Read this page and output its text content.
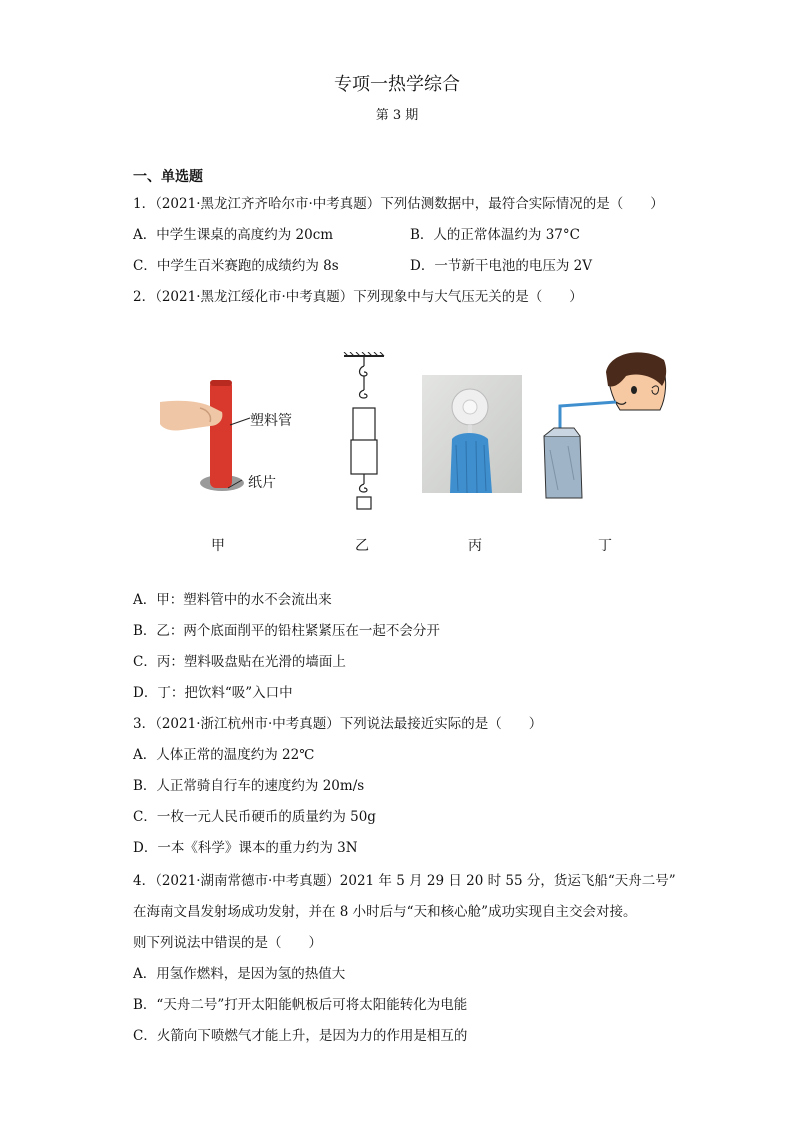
专项一热学综合
第 3 期
一、单选题
1．（2021·黑龙江齐齐哈尔市·中考真题）下列估测数据中，最符合实际情况的是（　　）
A．中学生课桌的高度约为 20cm	B．人的正常体温约为 37°C
C．中学生百米赛跑的成绩约为 8s	D．一节新干电池的电压为 2V
2．（2021·黑龙江绥化市·中考真题）下列现象中与大气压无关的是（　　）
塑料管
纸片
甲	乙	丙	丁
A．甲：塑料管中的水不会流出来
B．乙：两个底面削平的铅柱紧紧压在一起不会分开
C．丙：塑料吸盘贴在光滑的墙面上
D．丁：把饮料“吸”入口中
3．（2021·浙江杭州市·中考真题）下列说法最接近实际的是（　　）
A．人体正常的温度约为 22℃
B．人正常骑自行车的速度约为 20m/s
C．一枚一元人民币硬币的质量约为 50g
D．一本《科学》课本的重力约为 3N
4．（2021·湖南常德市·中考真题）2021 年 5 月 29 日 20 时 55 分，货运飞船“天舟二号”
在海南文昌发射场成功发射，并在 8 小时后与“天和核心舱”成功实现自主交会对接。
则下列说法中错误的是（　　）
A．用氢作燃料，是因为氢的热值大
B．“天舟二号”打开太阳能帆板后可将太阳能转化为电能
C．火箭向下喷燃气才能上升，是因为力的作用是相互的
